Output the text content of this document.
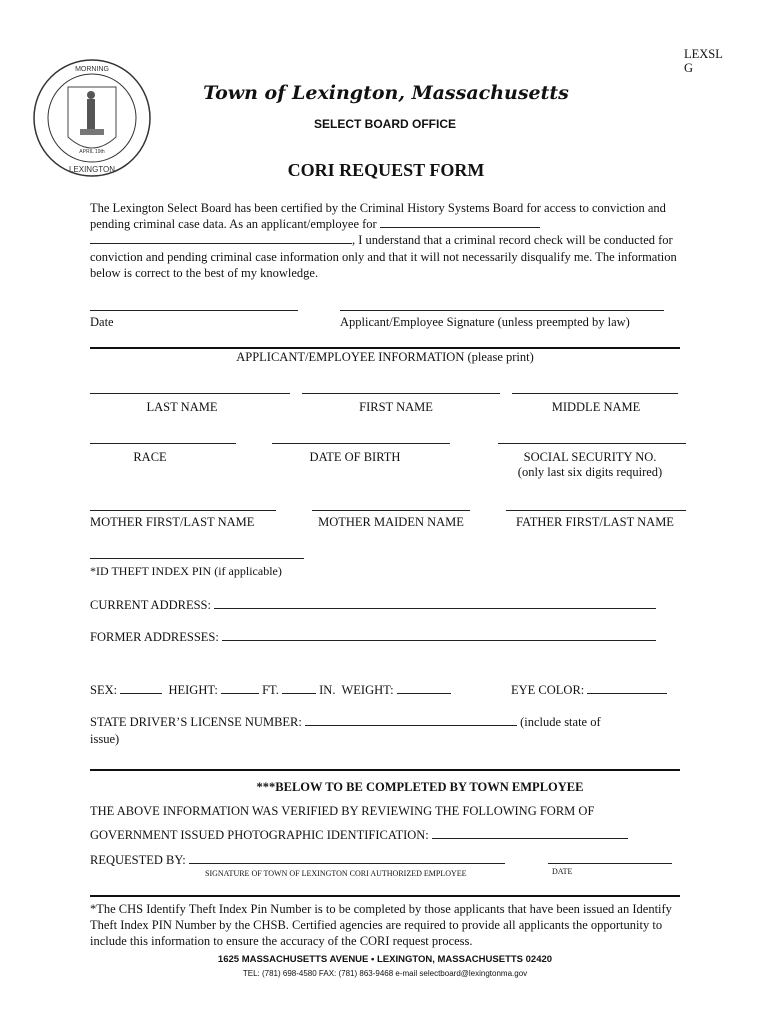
MORNING
LEXINGTON
APRIL 19th
LEXSL G
Town of Lexington, Massachusetts
SELECT BOARD OFFICE
CORI REQUEST FORM
The Lexington Select Board has been certified by the Criminal History Systems Board for access to conviction and pending criminal case data. As an applicant/employee for  , I understand that a criminal record check will be conducted for conviction and pending criminal case information only and that it will not necessarily disqualify me. The information below is correct to the best of my knowledge.
Date	Applicant/Employee Signature (unless preempted by law)
APPLICANT/EMPLOYEE INFORMATION (please print)
LAST NAME	FIRST NAME	MIDDLE NAME
RACE	DATE OF BIRTH	SOCIAL SECURITY NO.
(only last six digits required)
MOTHER FIRST/LAST NAME	MOTHER MAIDEN NAME	FATHER FIRST/LAST NAME
*ID THEFT INDEX PIN (if applicable)
CURRENT ADDRESS:
FORMER ADDRESSES:
SEX:	HEIGHT:	FT.	IN. WEIGHT:	EYE COLOR:
STATE DRIVER’S LICENSE NUMBER:	(include state of
issue)
***BELOW TO BE COMPLETED BY TOWN EMPLOYEE
THE ABOVE INFORMATION WAS VERIFIED BY REVIEWING THE FOLLOWING FORM OF
GOVERNMENT ISSUED PHOTOGRAPHIC IDENTIFICATION:
REQUESTED BY:
SIGNATURE OF TOWN OF LEXINGTON CORI AUTHORIZED EMPLOYEE	DATE
*The CHS Identify Theft Index Pin Number is to be completed by those applicants that have been issued an Identify Theft Index PIN Number by the CHSB. Certified agencies are required to provide all applicants the opportunity to include this information to ensure the accuracy of the CORI request process.
1625 MASSACHUSETTS AVENUE • LEXINGTON, MASSACHUSETTS 02420
TEL: (781) 698-4580 FAX: (781) 863-9468 e-mail selectboard@lexingtonma.gov
